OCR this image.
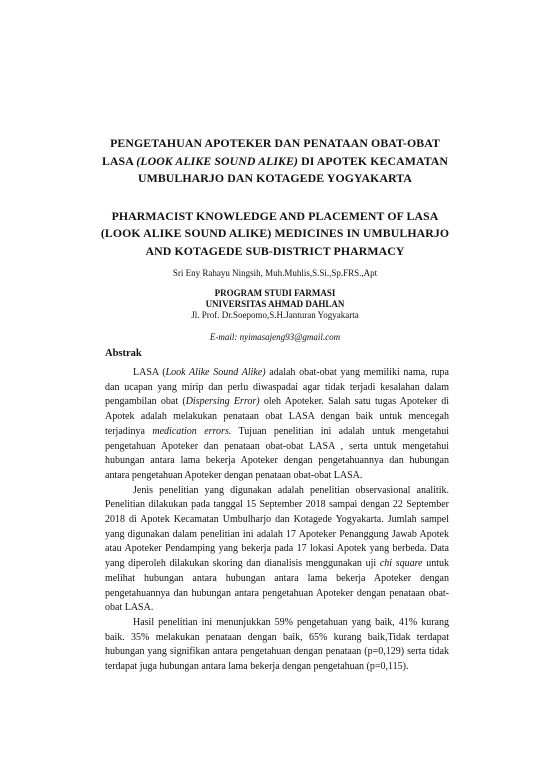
PENGETAHUAN APOTEKER DAN PENATAAN OBAT-OBAT
LASA (LOOK ALIKE SOUND ALIKE) DI APOTEK KECAMATAN
UMBULHARJO DAN KOTAGEDE YOGYAKARTA
PHARMACIST KNOWLEDGE AND PLACEMENT OF LASA
(LOOK ALIKE SOUND ALIKE) MEDICINES IN UMBULHARJO
AND KOTAGEDE SUB-DISTRICT PHARMACY
Sri Eny Rahayu Ningsih, Muh.Muhlis,S.Si.,Sp.FRS.,Apt
PROGRAM STUDI FARMASI
UNIVERSITAS AHMAD DAHLAN
Jl. Prof. Dr.Soepomo,S.H.Janturan Yogyakarta
E-mail: nyimasajeng93@gmail.com
Abstrak

LASA (Look Alike Sound Alike) adalah obat-obat yang memiliki nama, rupa dan ucapan yang mirip dan perlu diwaspadai agar tidak terjadi kesalahan dalam pengambilan obat (Dispersing Error) oleh Apoteker. Salah satu tugas Apoteker di Apotek adalah melakukan penataan obat LASA dengan baik untuk mencegah terjadinya medication errors. Tujuan penelitian ini adalah untuk mengetahui pengetahuan Apoteker dan penataan obat-obat LASA , serta untuk mengetahui hubungan antara lama bekerja Apoteker dengan pengetahuannya dan hubungan antara pengetahuan Apoteker dengan penataan obat-obat LASA.

Jenis penelitian yang digunakan adalah penelitian observasional analitik. Penelitian dilakukan pada tanggal 15 September 2018 sampai dengan 22 September 2018 di Apotek Kecamatan Umbulharjo dan Kotagede Yogyakarta. Jumlah sampel yang digunakan dalam penelitian ini adalah 17 Apoteker Penanggung Jawab Apotek atau Apoteker Pendamping yang bekerja pada 17 lokasi Apotek yang berbeda. Data yang diperoleh dilakukan skoring dan dianalisis menggunakan uji chi square untuk melihat hubungan antara hubungan antara lama bekerja Apoteker dengan pengetahuannya dan hubungan antara pengetahuan Apoteker dengan penataan obat-obat LASA.

Hasil penelitian ini menunjukkan 59% pengetahuan yang baik, 41% kurang baik. 35% melakukan penataan dengan baik, 65% kurang baik,Tidak terdapat hubungan yang signifikan antara pengetahuan dengan penataan (p=0,129) serta tidak terdapat juga hubungan antara lama bekerja dengan pengetahuan (p=0,115).
